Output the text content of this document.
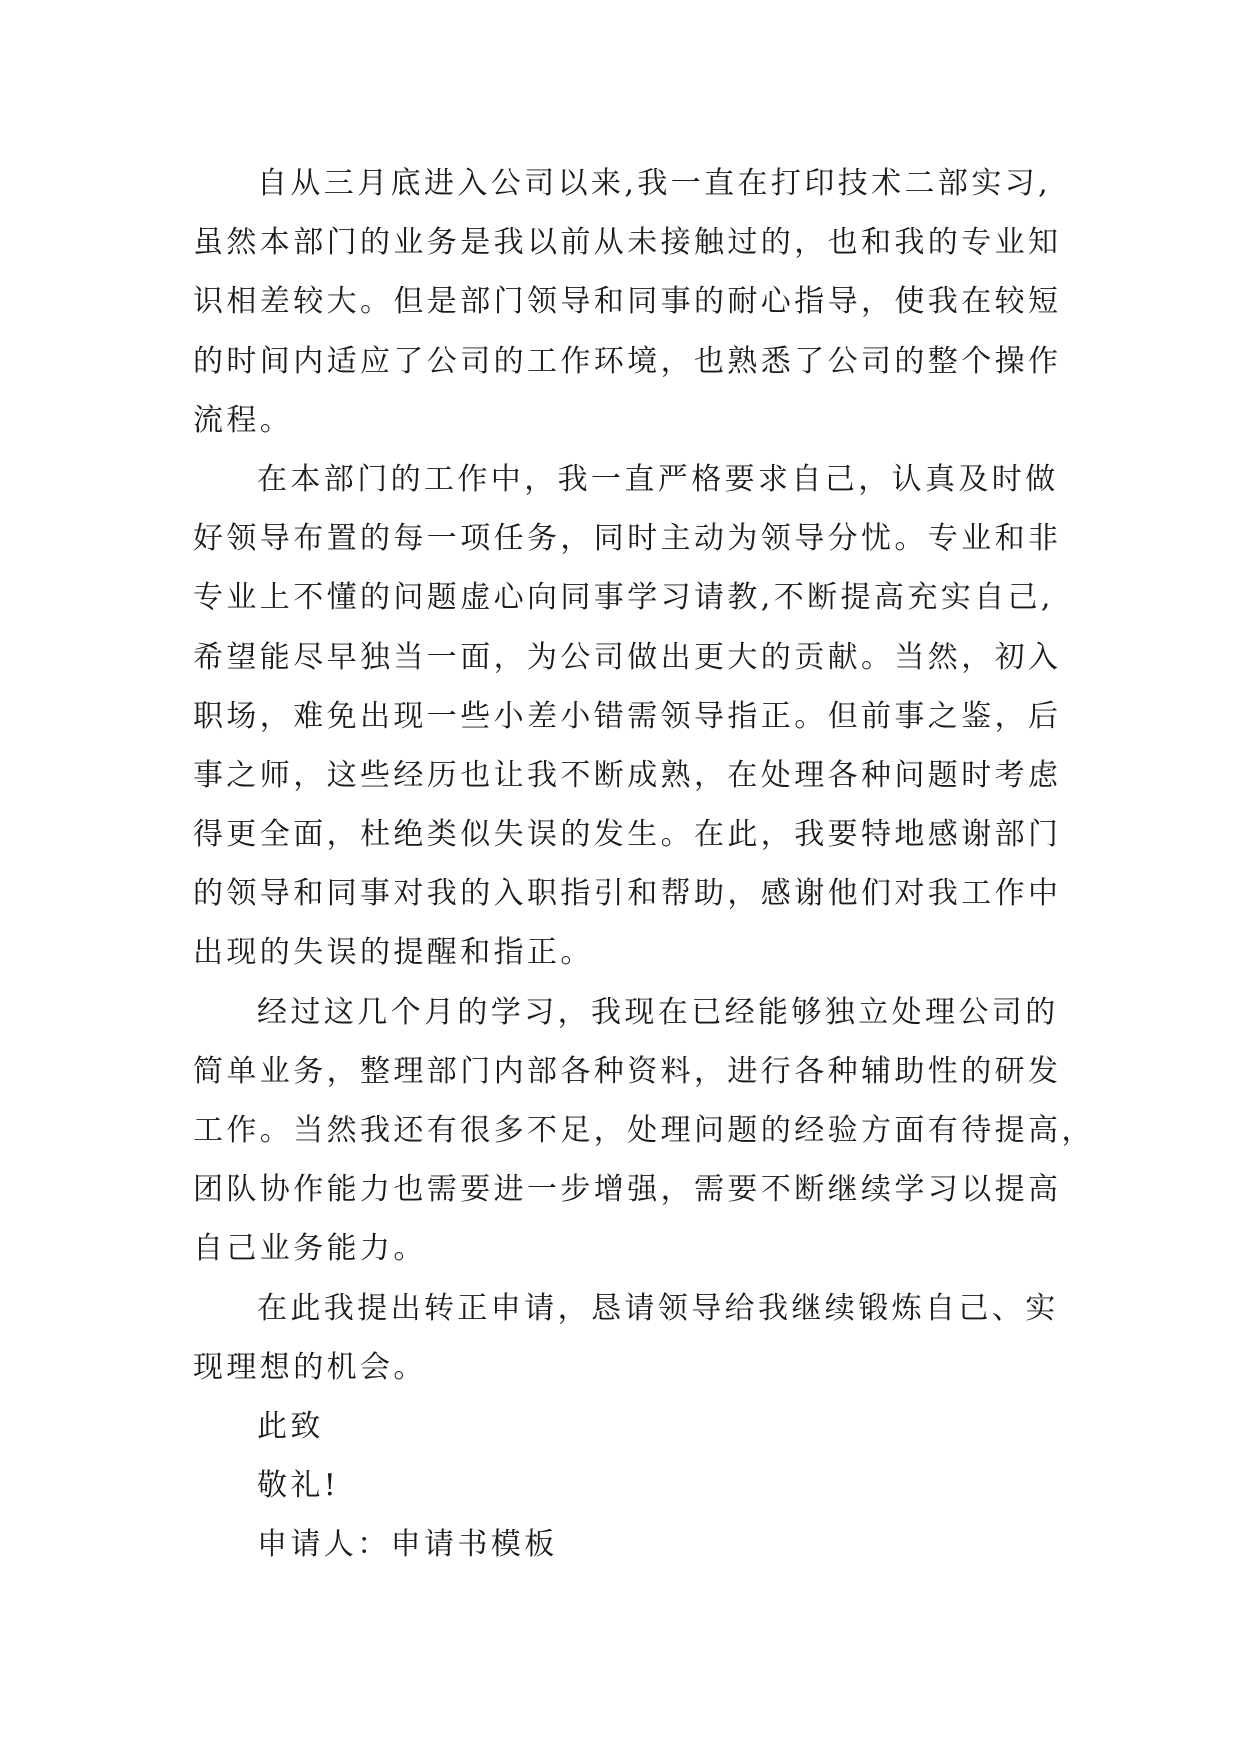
自从三月底进入公司以来,我一直在打印技术二部实习,
虽然本部门的业务是我以前从未接触过的，也和我的专业知
识相差较大。但是部门领导和同事的耐心指导，使我在较短
的时间内适应了公司的工作环境，也熟悉了公司的整个操作
流程。
在本部门的工作中，我一直严格要求自己，认真及时做
好领导布置的每一项任务，同时主动为领导分忧。专业和非
专业上不懂的问题虚心向同事学习请教,不断提高充实自己,
希望能尽早独当一面，为公司做出更大的贡献。当然，初入
职场，难免出现一些小差小错需领导指正。但前事之鉴，后
事之师，这些经历也让我不断成熟，在处理各种问题时考虑
得更全面，杜绝类似失误的发生。在此，我要特地感谢部门
的领导和同事对我的入职指引和帮助，感谢他们对我工作中
出现的失误的提醒和指正。
经过这几个月的学习，我现在已经能够独立处理公司的
简单业务，整理部门内部各种资料，进行各种辅助性的研发
工作。当然我还有很多不足，处理问题的经验方面有待提高，
团队协作能力也需要进一步增强，需要不断继续学习以提高
自己业务能力。
在此我提出转正申请，恳请领导给我继续锻炼自己、实
现理想的机会。
此致
敬礼!
申请人：申请书模板
